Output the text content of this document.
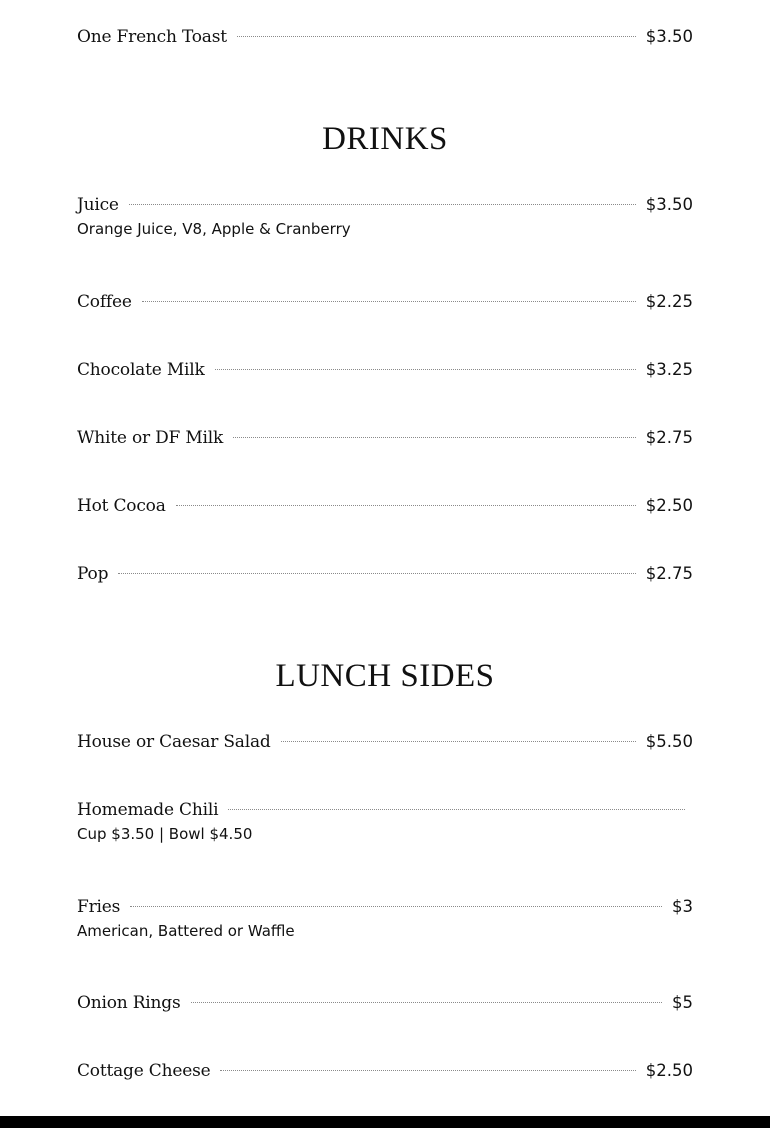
One French Toast	$3.50
DRINKS
Juice	$3.50
Orange Juice, V8, Apple & Cranberry
Coffee	$2.25
Chocolate Milk	$3.25
White or DF Milk	$2.75
Hot Cocoa	$2.50
Pop	$2.75
LUNCH SIDES
House or Caesar Salad	$5.50
Homemade Chili
Cup $3.50 | Bowl $4.50
Fries	$3
American, Battered or Waffle
Onion Rings	$5
Cottage Cheese	$2.50
